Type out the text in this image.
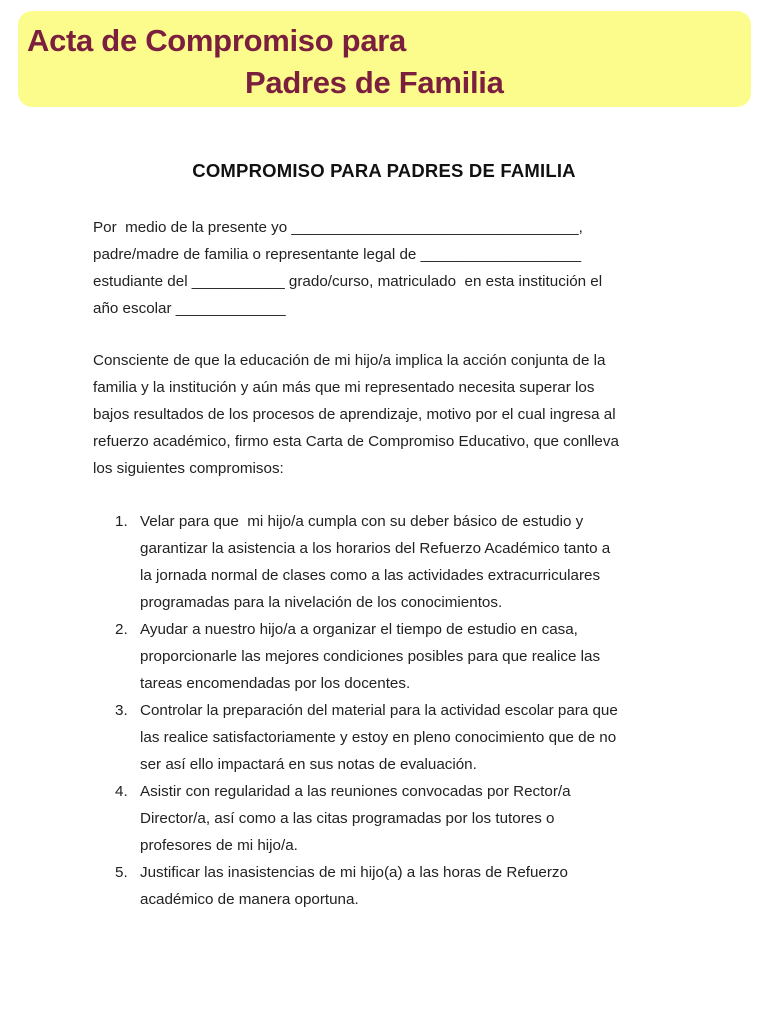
Acta de Compromiso para
Padres de Familia
COMPROMISO PARA PADRES DE FAMILIA
Por  medio de la presente yo __________________________________,
padre/madre de familia o representante legal de ___________________
estudiante del ___________ grado/curso, matriculado  en esta institución el
año escolar _____________
Consciente de que la educación de mi hijo/a implica la acción conjunta de la
familia y la institución y aún más que mi representado necesita superar los
bajos resultados de los procesos de aprendizaje, motivo por el cual ingresa al
refuerzo académico, firmo esta Carta de Compromiso Educativo, que conlleva
los siguientes compromisos:
1. Velar para que  mi hijo/a cumpla con su deber básico de estudio y
garantizar la asistencia a los horarios del Refuerzo Académico tanto a
la jornada normal de clases como a las actividades extracurriculares
programadas para la nivelación de los conocimientos.
2. Ayudar a nuestro hijo/a a organizar el tiempo de estudio en casa,
proporcionarle las mejores condiciones posibles para que realice las
tareas encomendadas por los docentes.
3. Controlar la preparación del material para la actividad escolar para que
las realice satisfactoriamente y estoy en pleno conocimiento que de no
ser así ello impactará en sus notas de evaluación.
4. Asistir con regularidad a las reuniones convocadas por Rector/a
Director/a, así como a las citas programadas por los tutores o
profesores de mi hijo/a.
5. Justificar las inasistencias de mi hijo(a) a las horas de Refuerzo
académico de manera oportuna.
